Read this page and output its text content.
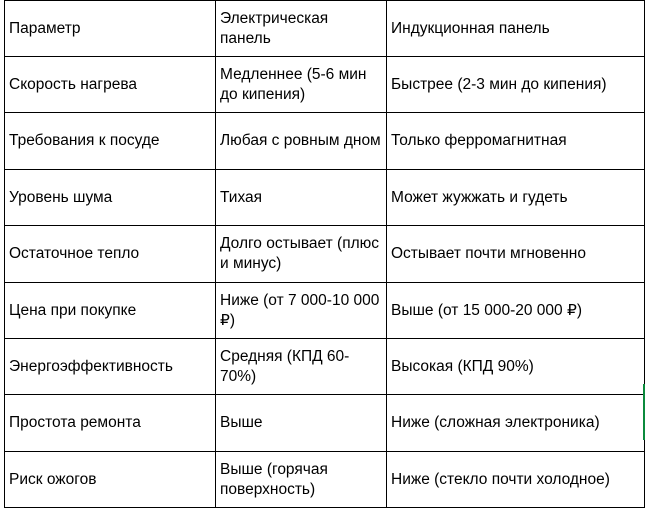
Параметр	Электрическая панель	Индукционная панель
Скорость нагрева	Медленнее (5-6 мин до кипения)	Быстрее (2-3 мин до кипения)
Требования к посуде	Любая с ровным дном	Только ферромагнитная
Уровень шума	Тихая	Может жужжать и гудеть
Остаточное тепло	Долго остывает (плюс и минус)	Остывает почти мгновенно
Цена при покупке	Ниже (от 7 000-10 000 ₽)	Выше (от 15 000-20 000 ₽)
Энергоэффективность	Средняя (КПД 60-70%)	Высокая (КПД 90%)
Простота ремонта	Выше	Ниже (сложная электроника)
Риск ожогов	Выше (горячая поверхность)	Ниже (стекло почти холодное)
